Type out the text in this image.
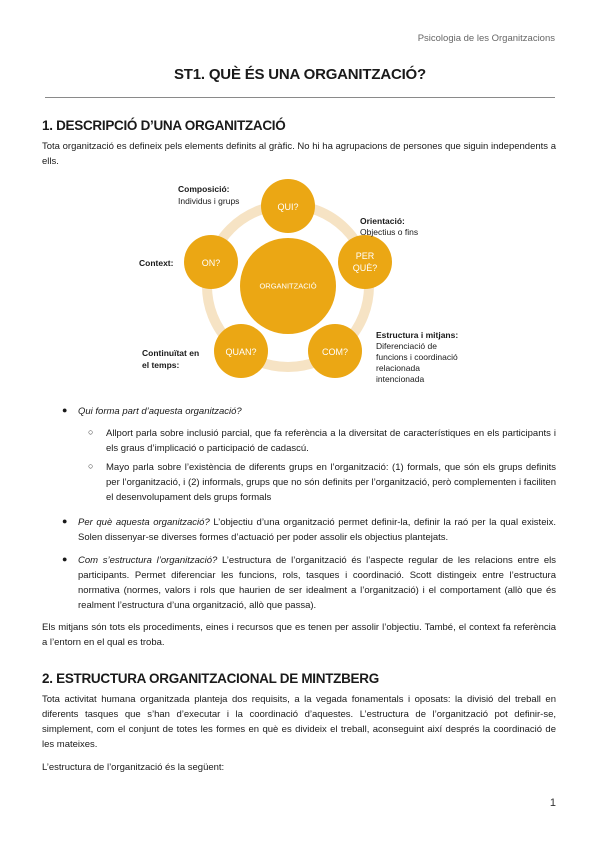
Psicologia de les Organitzacions
ST1. QUÈ ÉS UNA ORGANITZACIÓ?
1. DESCRIPCIÓ D’UNA ORGANITZACIÓ

Tota organització es defineix pels elements definits al gràfic. No hi ha agrupacions de persones que siguin independents a ells.

ORGANITZACIÓ
QUI?
PER
QUÈ?
COM?
QUAN?
ON?
Composició:
Individus i grups
Orientació:
Objectius o fins
Context:
Estructura i mitjans:
Diferenciació de
funcions i coordinació
relacionada
intencionada
Continuïtat en
el temps:
● Qui forma part d’aquesta organització?

○ Allport parla sobre inclusió parcial, que fa referència a la diversitat de característiques en els participants i els graus d’implicació o participació de cadascú.

○ Mayo parla sobre l’existència de diferents grups en l’organització: (1) formals, que són els grups definits per l’organització, i (2) informals, grups que no són definits per l’organització, però complementen i faciliten el desenvolupament dels grups formals

● Per què aquesta organització? L’objectiu d’una organització permet definir-la, definir la raó per la qual existeix. Solen dissenyar-se diverses formes d’actuació per poder assolir els objectius plantejats.

● Com s’estructura l’organització? L’estructura de l’organització és l’aspecte regular de les relacions entre els participants. Permet diferenciar les funcions, rols, tasques i coordinació. Scott distingeix entre l’estructura normativa (normes, valors i rols que haurien de ser idealment a l’organització) i el comportament (allò que és realment l’estructura d’una organització, allò que passa).

Els mitjans són tots els procediments, eines i recursos que es tenen per assolir l’objectiu. També, el context fa referència a l’entorn en el qual es troba.

2. ESTRUCTURA ORGANITZACIONAL DE MINTZBERG

Tota activitat humana organitzada planteja dos requisits, a la vegada fonamentals i oposats: la divisió del treball en diferents tasques que s’han d’executar i la coordinació d’aquestes. L’estructura de l’organització pot definir-se, simplement, com el conjunt de totes les formes en què es divideix el treball, aconseguint així després la coordinació de les mateixes.

L’estructura de l’organització és la següent:

1
